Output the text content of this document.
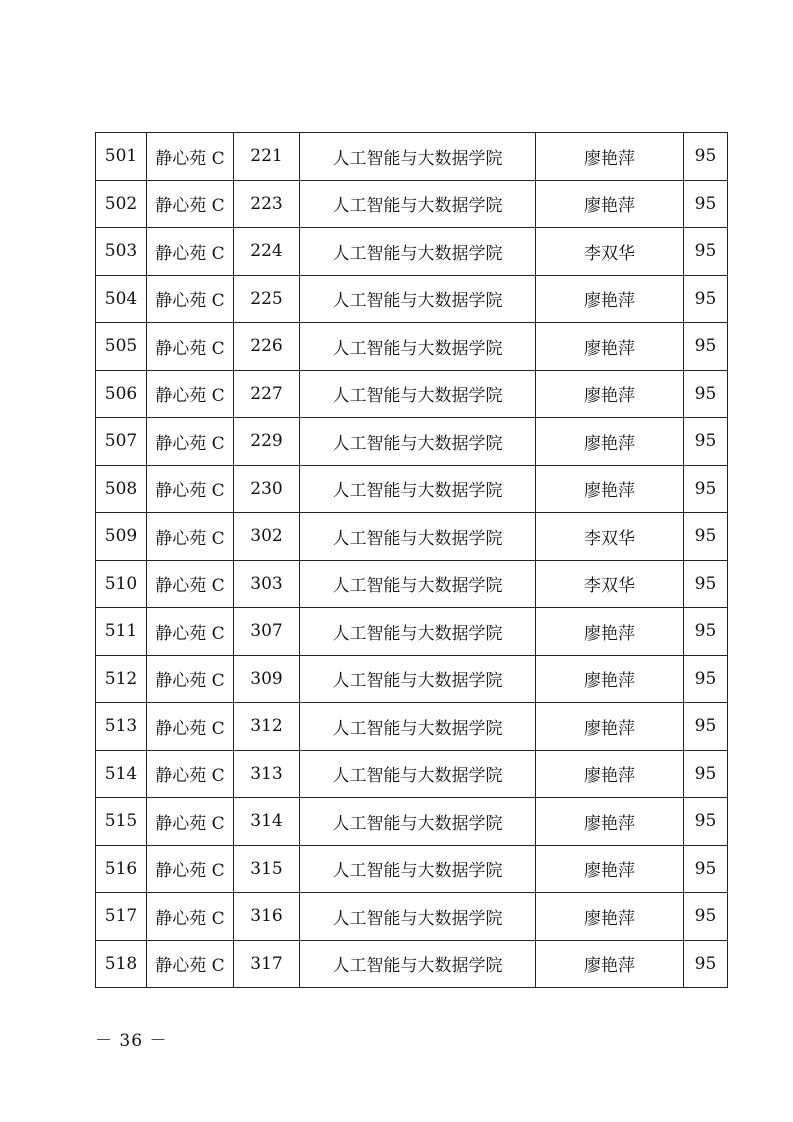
501	静心苑 C	221	人工智能与大数据学院	廖艳萍	95
502	静心苑 C	223	人工智能与大数据学院	廖艳萍	95
503	静心苑 C	224	人工智能与大数据学院	李双华	95
504	静心苑 C	225	人工智能与大数据学院	廖艳萍	95
505	静心苑 C	226	人工智能与大数据学院	廖艳萍	95
506	静心苑 C	227	人工智能与大数据学院	廖艳萍	95
507	静心苑 C	229	人工智能与大数据学院	廖艳萍	95
508	静心苑 C	230	人工智能与大数据学院	廖艳萍	95
509	静心苑 C	302	人工智能与大数据学院	李双华	95
510	静心苑 C	303	人工智能与大数据学院	李双华	95
511	静心苑 C	307	人工智能与大数据学院	廖艳萍	95
512	静心苑 C	309	人工智能与大数据学院	廖艳萍	95
513	静心苑 C	312	人工智能与大数据学院	廖艳萍	95
514	静心苑 C	313	人工智能与大数据学院	廖艳萍	95
515	静心苑 C	314	人工智能与大数据学院	廖艳萍	95
516	静心苑 C	315	人工智能与大数据学院	廖艳萍	95
517	静心苑 C	316	人工智能与大数据学院	廖艳萍	95
518	静心苑 C	317	人工智能与大数据学院	廖艳萍	95
－ 36 －
